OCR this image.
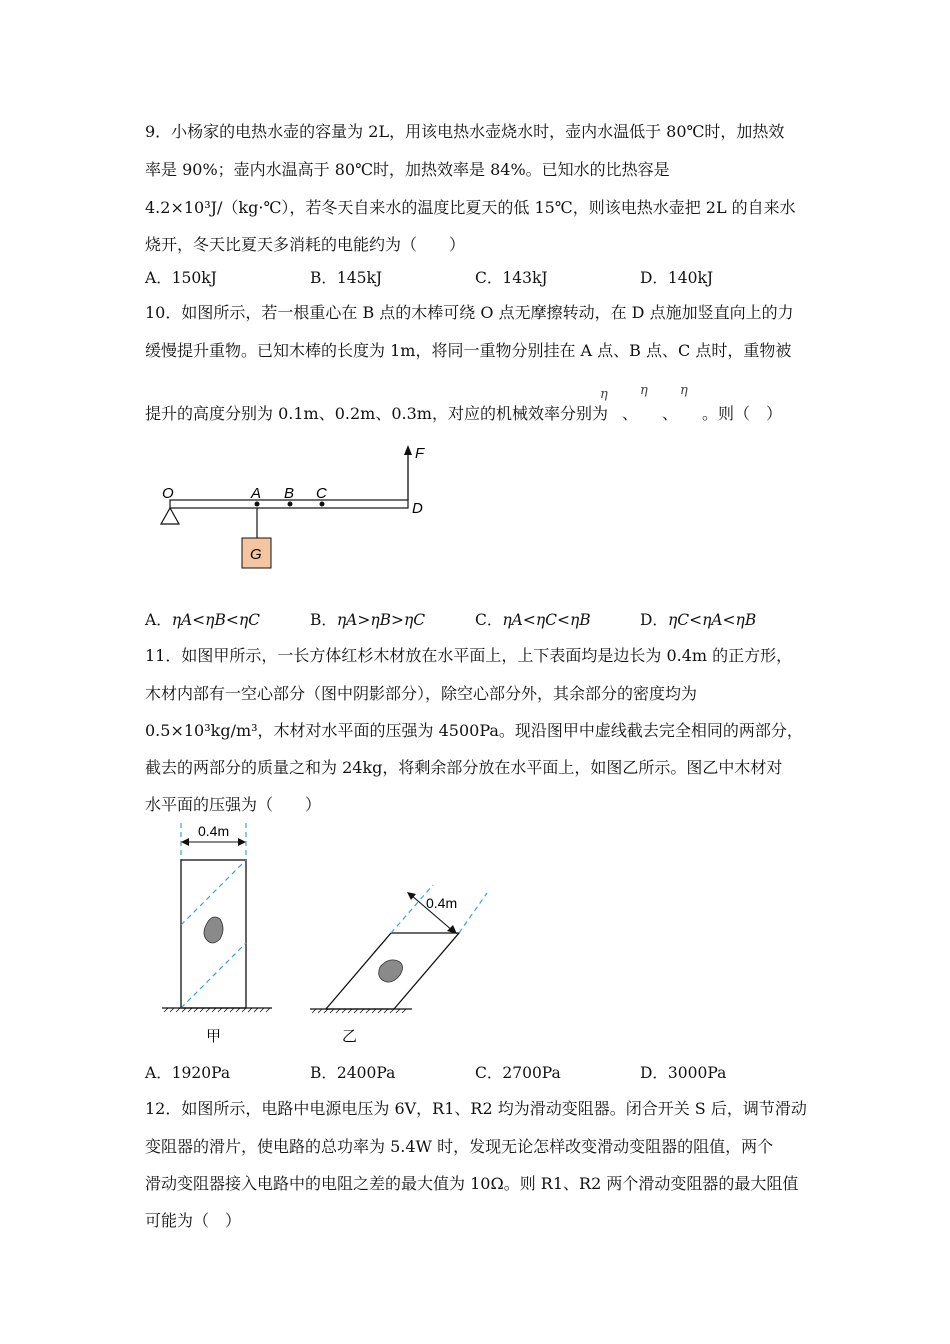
9．小杨家的电热水壶的容量为 2L，用该电热水壶烧水时，壶内水温低于 80℃时，加热效
率是 90%；壶内水温高于 80℃时，加热效率是 84%。已知水的比热容是
4.2×10³J/（kg·℃），若冬天自来水的温度比夏天的低 15℃，则该电热水壶把 2L 的自来水
烧开，冬天比夏天多消耗的电能约为（　　）
A．150kJ	B．145kJ	C．143kJ	D．140kJ
10．如图所示，若一根重心在 B 点的木棒可绕 O 点无摩擦转动，在 D 点施加竖直向上的力
缓慢提升重物。已知木棒的长度为 1m，将同一重物分别挂在 A 点、B 点、C 点时，重物被
提升的高度分别为 0.1m、0.2m、0.3m，对应的机械效率分别为
η η η
、　　、　　。则（　）
O	A B C
D
F
G
A．ηA<ηB<ηC	B．ηA>ηB>ηC	C．ηA<ηC<ηB	D．ηC<ηA<ηB
11．如图甲所示，一长方体红杉木材放在水平面上，上下表面均是边长为 0.4m 的正方形，
木材内部有一空心部分（图中阴影部分），除空心部分外，其余部分的密度均为
0.5×10³kg/m³，木材对水平面的压强为 4500Pa。现沿图甲中虚线截去完全相同的两部分，
截去的两部分的质量之和为 24kg，将剩余部分放在水平面上，如图乙所示。图乙中木材对
水平面的压强为（　　）
0.4m
甲
0.4m
乙
A．1920Pa	B．2400Pa	C．2700Pa	D．3000Pa
12．如图所示，电路中电源电压为 6V，R1、R2 均为滑动变阻器。闭合开关 S 后，调节滑动
变阻器的滑片，使电路的总功率为 5.4W 时，发现无论怎样改变滑动变阻器的阻值，两个
滑动变阻器接入电路中的电阻之差的最大值为 10Ω。则 R1、R2 两个滑动变阻器的最大阻值
可能为（　）
